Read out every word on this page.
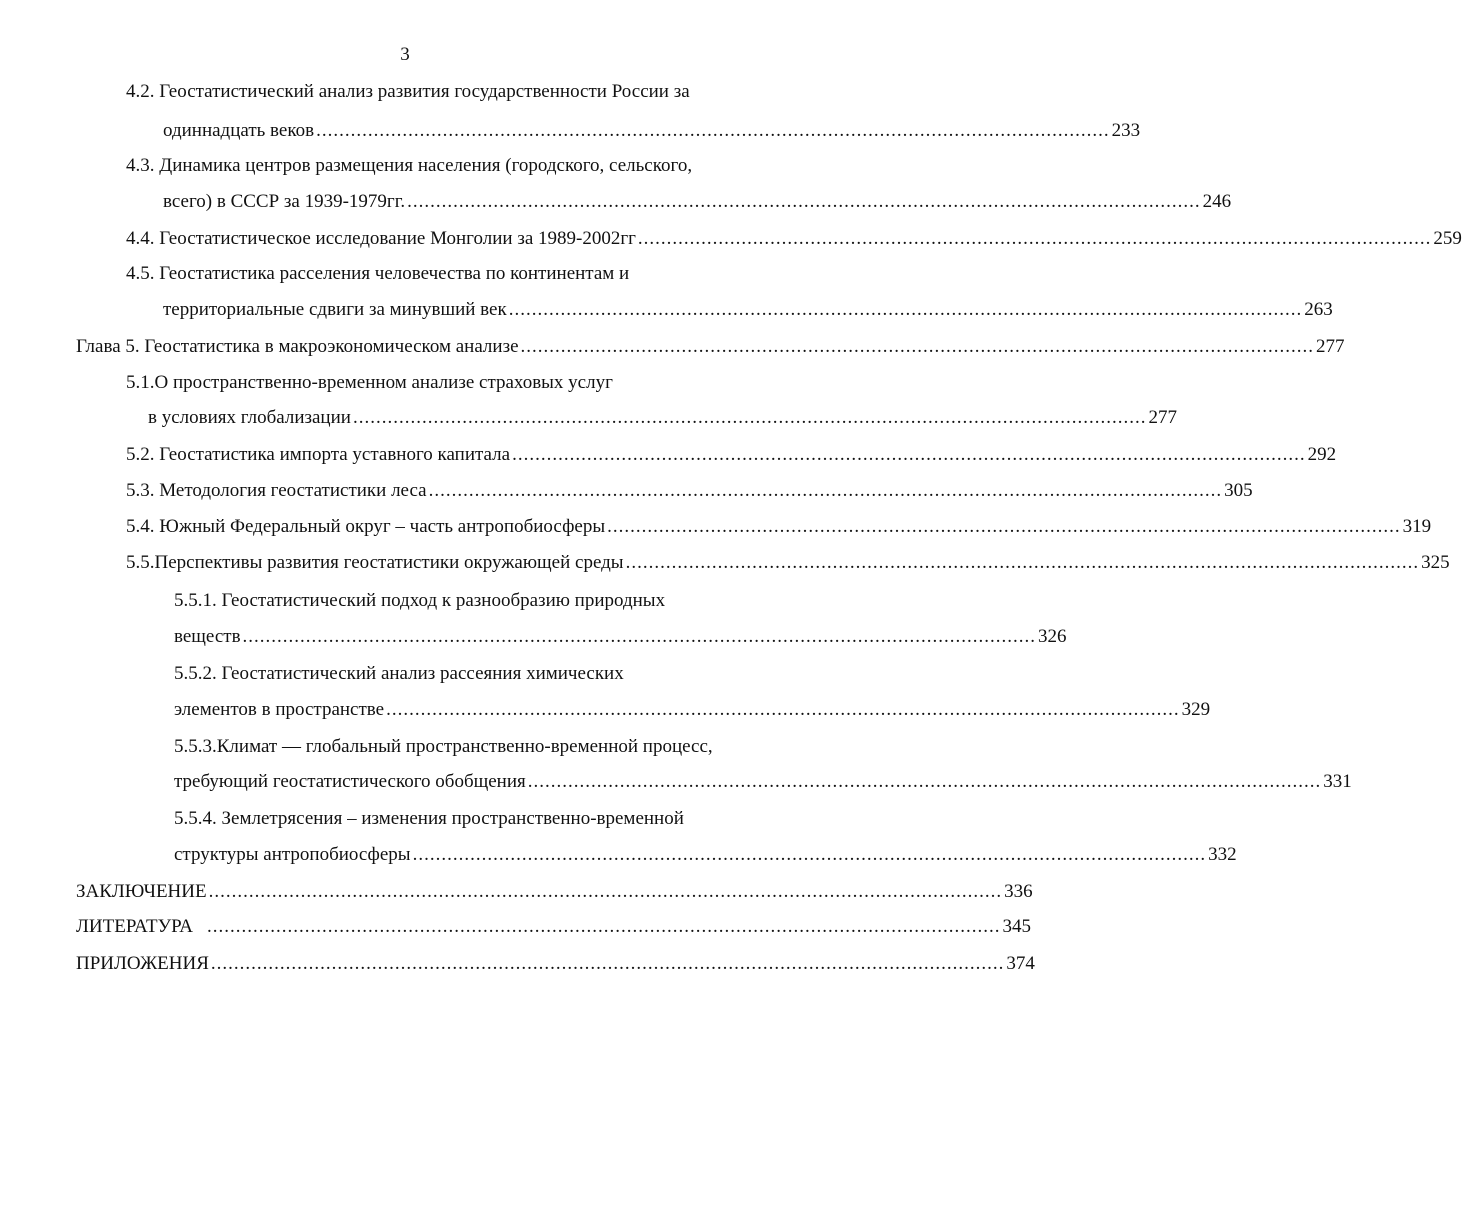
3
4.2. Геостатистический анализ развития государственности России за
одиннадцать веков .......................................................................................................................................... 233
4.3. Динамика центров размещения населения (городского, сельского,
всего) в СССР за 1939-1979гг. .......................................................................................................................................... 246
4.4. Геостатистическое исследование Монголии за 1989-2002гг .......................................................................................................................................... 259
4.5. Геостатистика расселения человечества по континентам и
территориальные сдвиги за минувший век .......................................................................................................................................... 263
Глава 5. Геостатистика в макроэкономическом анализе .......................................................................................................................................... 277
5.1.О пространственно-временном анализе страховых услуг
в условиях глобализации .......................................................................................................................................... 277
5.2. Геостатистика импорта уставного капитала .......................................................................................................................................... 292
5.3. Методология геостатистики леса .......................................................................................................................................... 305
5.4. Южный Федеральный округ – часть антропобиосферы .......................................................................................................................................... 319
5.5.Перспективы развития геостатистики окружающей среды .......................................................................................................................................... 325
5.5.1. Геостатистический подход к разнообразию природных
веществ .......................................................................................................................................... 326
5.5.2. Геостатистический анализ рассеяния химических
элементов в пространстве .......................................................................................................................................... 329
5.5.3.Климат — глобальный пространственно-временной процесс,
требующий геостатистического обобщения .......................................................................................................................................... 331
5.5.4. Землетрясения – изменения пространственно-временной
структуры антропобиосферы .......................................................................................................................................... 332
ЗАКЛЮЧЕНИЕ .......................................................................................................................................... 336
ЛИТЕРАТУРА .......................................................................................................................................... 345
ПРИЛОЖЕНИЯ .......................................................................................................................................... 374
